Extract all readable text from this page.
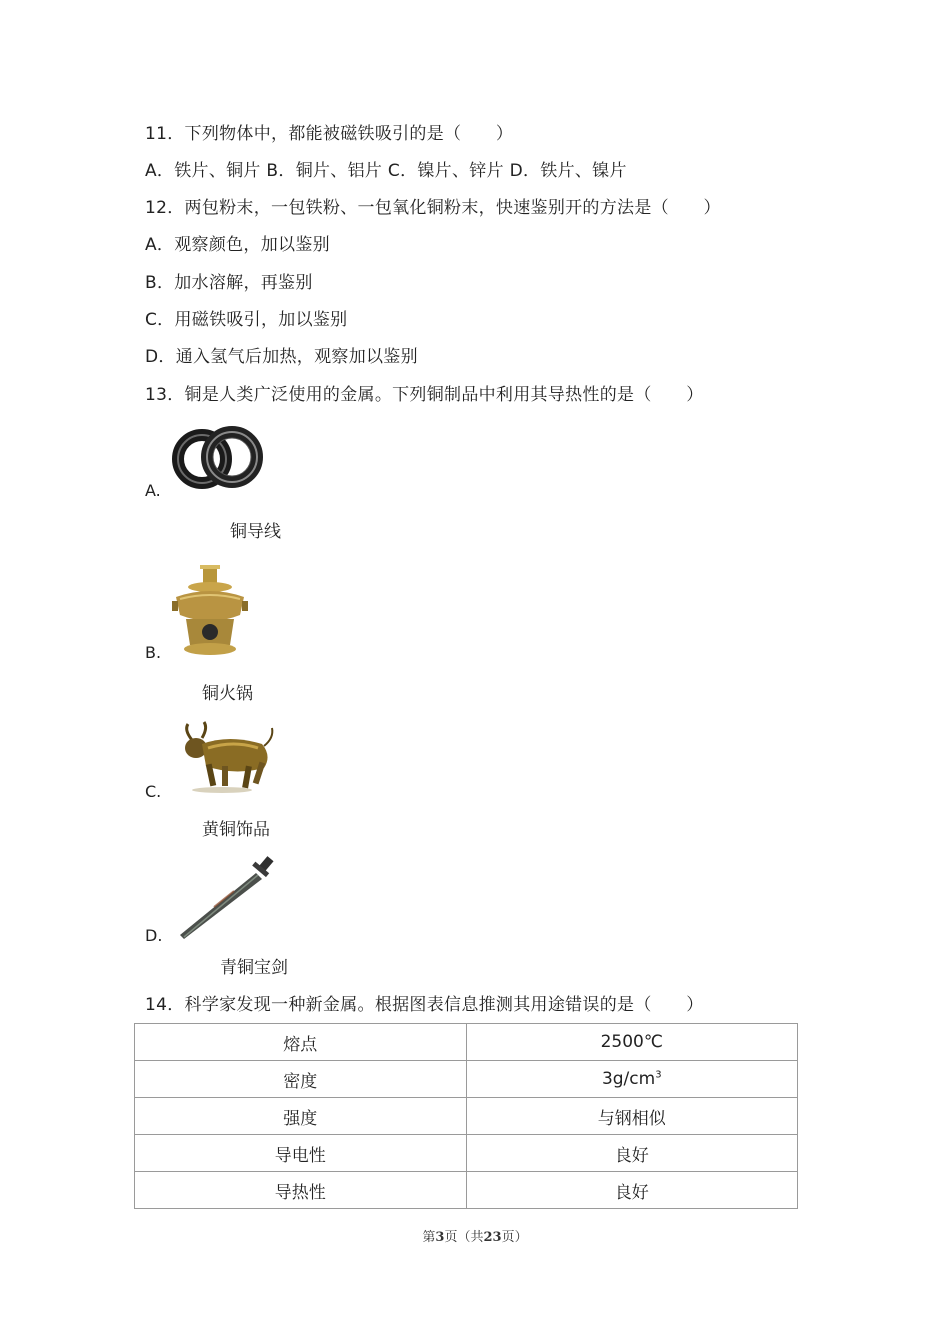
11．下列物体中，都能被磁铁吸引的是（　　）
A．铁片、铜片 B．铜片、铝片 C．镍片、锌片 D．铁片、镍片
12．两包粉末，一包铁粉、一包氧化铜粉末，快速鉴别开的方法是（　　）
A．观察颜色，加以鉴别
B．加水溶解，再鉴别
C．用磁铁吸引，加以鉴别
D．通入氢气后加热，观察加以鉴别
13．铜是人类广泛使用的金属。下列铜制品中利用其导热性的是（　　）
A.
铜导线
B.
铜火锅
C.
黄铜饰品
D.
青铜宝剑
14．科学家发现一种新金属。根据图表信息推测其用途错误的是（　　）
熔点	2500℃
密度	$3g/cm^3$
强度	与钢相似
导电性	良好
导热性	良好
第3页（共23页）
